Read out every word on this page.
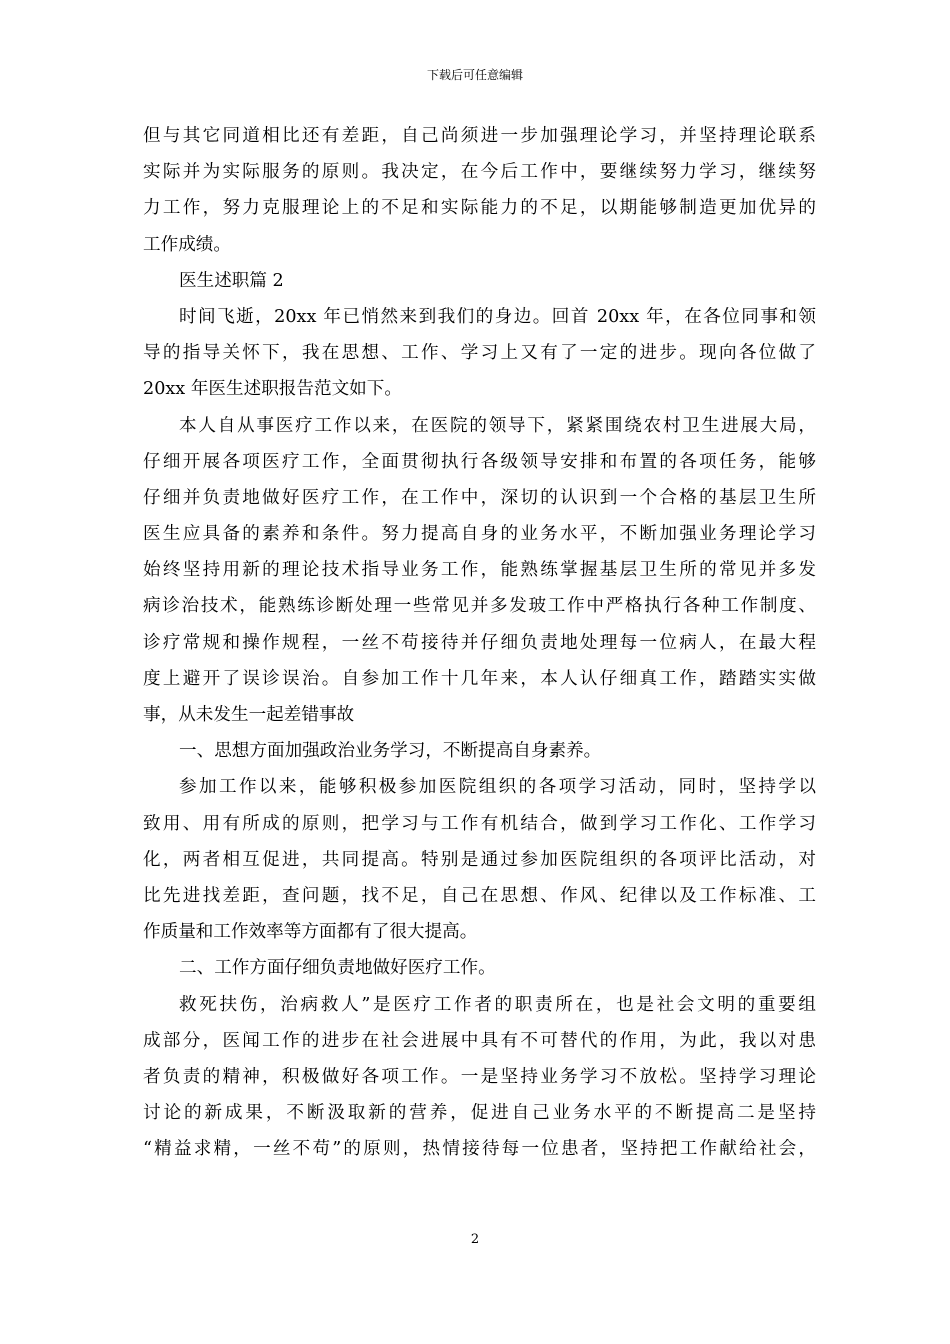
下载后可任意编辑
但与其它同道相比还有差距，自己尚须进一步加强理论学习，并坚持理论联系
实际并为实际服务的原则。我决定，在今后工作中，要继续努力学习，继续努
力工作，努力克服理论上的不足和实际能力的不足，以期能够制造更加优异的
工作成绩。
医生述职篇 2
时间飞逝，20xx 年已悄然来到我们的身边。回首 20xx 年，在各位同事和领
导的指导关怀下，我在思想、工作、学习上又有了一定的进步。现向各位做了
20xx 年医生述职报告范文如下。
本人自从事医疗工作以来，在医院的领导下，紧紧围绕农村卫生进展大局，
仔细开展各项医疗工作，全面贯彻执行各级领导安排和布置的各项任务，能够
仔细并负责地做好医疗工作，在工作中，深切的认识到一个合格的基层卫生所
医生应具备的素养和条件。努力提高自身的业务水平，不断加强业务理论学习
始终坚持用新的理论技术指导业务工作，能熟练掌握基层卫生所的常见并多发
病诊治技术，能熟练诊断处理一些常见并多发玻工作中严格执行各种工作制度、
诊疗常规和操作规程，一丝不苟接待并仔细负责地处理每一位病人，在最大程
度上避开了误诊误治。自参加工作十几年来，本人认仔细真工作，踏踏实实做
事，从未发生一起差错事故
一、思想方面加强政治业务学习，不断提高自身素养。
参加工作以来，能够积极参加医院组织的各项学习活动，同时，坚持学以
致用、用有所成的原则，把学习与工作有机结合，做到学习工作化、工作学习
化，两者相互促进，共同提高。特别是通过参加医院组织的各项评比活动，对
比先进找差距，查问题，找不足，自己在思想、作风、纪律以及工作标准、工
作质量和工作效率等方面都有了很大提高。
二、工作方面仔细负责地做好医疗工作。
救死扶伤，治病救人”是医疗工作者的职责所在，也是社会文明的重要组
成部分，医闻工作的进步在社会进展中具有不可替代的作用，为此，我以对患
者负责的精神，积极做好各项工作。一是坚持业务学习不放松。坚持学习理论
讨论的新成果，不断汲取新的营养，促进自己业务水平的不断提高二是坚持
“精益求精，一丝不苟”的原则，热情接待每一位患者，坚持把工作献给社会，
2
